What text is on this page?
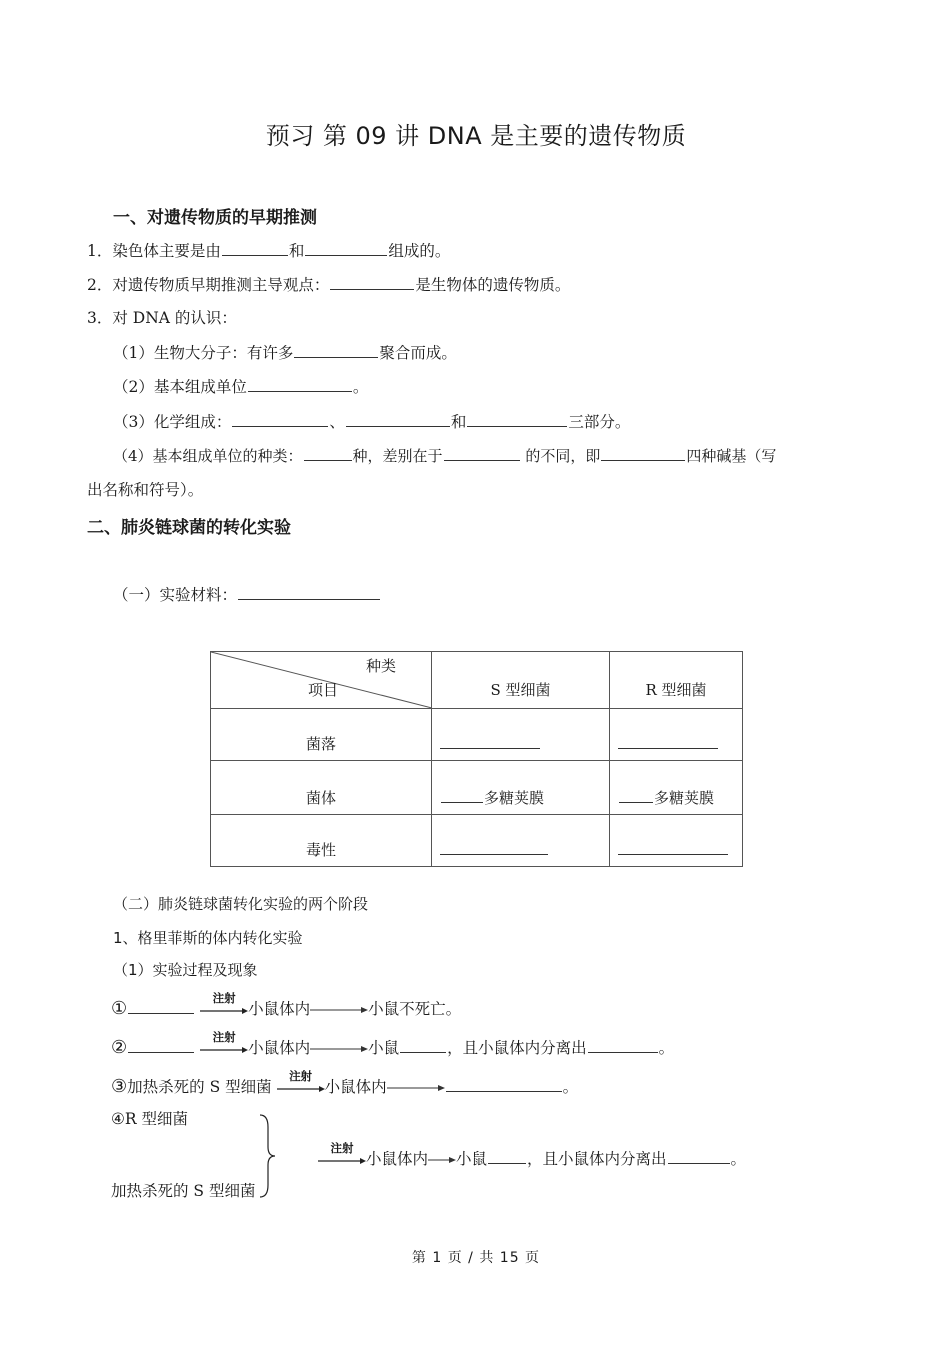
预习 第 09 讲 DNA 是主要的遗传物质
一、对遗传物质的早期推测
1．染色体主要是由	和	组成的。
2．对遗传物质早期推测主导观点：	是生物体的遗传物质。
3．对 DNA 的认识：
（1）生物大分子：有许多	聚合而成。
（2）基本组成单位	。
（3）化学组成：	、	和	三部分。
（4）基本组成单位的种类：	种，差别在于	的不同，即	四种碱基（写
出名称和符号）。
二、肺炎链球菌的转化实验
（一）实验材料：
种类
项目	S 型细菌	R 型细菌
菌落		
菌体	多糖荚膜	多糖荚膜
毒性		
（二）肺炎链球菌转化实验的两个阶段
1、格里菲斯的体内转化实验
（1）实验过程及现象
①	注射
小鼠体内	小鼠不死亡。
②	注射
小鼠体内	小鼠	，且小鼠体内分离出	。
③加热杀死的 S 型细菌
注射
小鼠体内	。
④R 型细菌
加热杀死的 S 型细菌
注射
小鼠体内 小鼠	，且小鼠体内分离出	。
第 1 页 / 共 15 页
